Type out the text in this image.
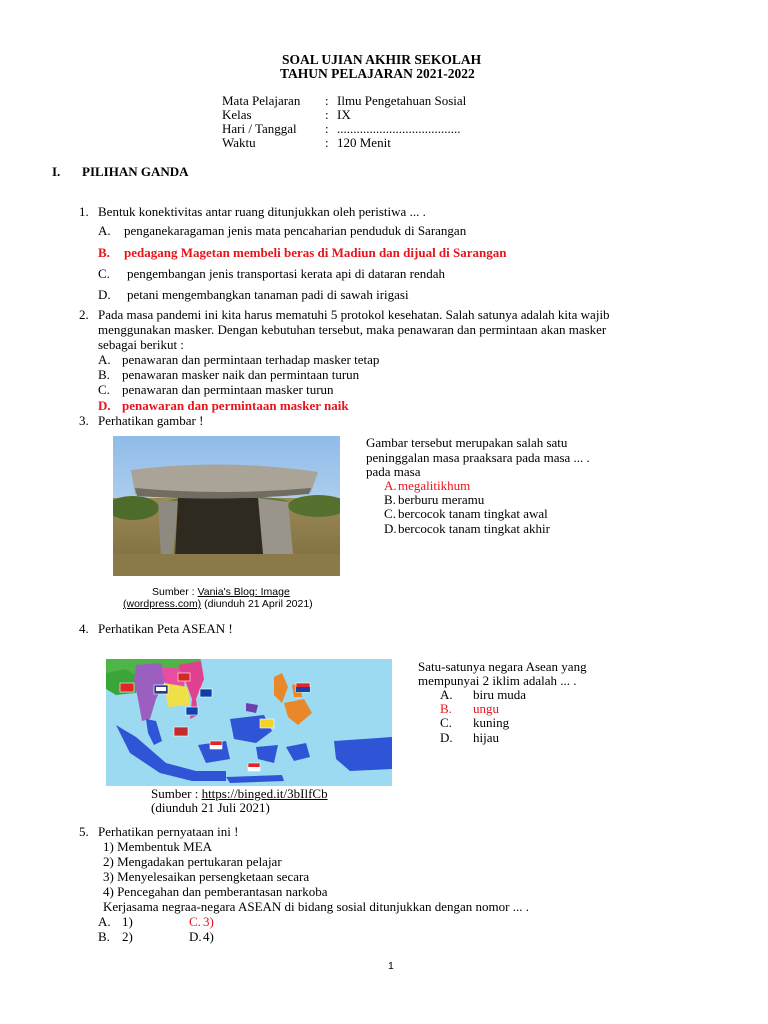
SOAL UJIAN AKHIR SEKOLAH
TAHUN PELAJARAN 2021-2022
Mata Pelajaran : Ilmu Pengetahuan Sosial
Kelas	: IX
Hari / Tanggal : ......................................
Waktu	: 120 Menit
I. PILIHAN GANDA
1. Bentuk konektivitas antar ruang ditunjukkan oleh peristiwa ... .
A. penganekaragaman jenis mata pencaharian penduduk di Sarangan
B. pedagang Magetan membeli beras di Madiun dan dijual di Sarangan
C. pengembangan jenis transportasi kerata api di dataran rendah
D. petani mengembangkan tanaman padi di sawah irigasi
2. Pada masa pandemi ini kita harus mematuhi 5 protokol kesehatan. Salah satunya adalah kita wajib
menggunakan masker. Dengan kebutuhan tersebut, maka penawaran dan permintaan akan masker
sebagai berikut :
A. penawaran dan permintaan terhadap masker tetap
B. penawaran masker naik dan permintaan turun
C. penawaran dan permintaan masker turun
D. penawaran dan permintaan masker naik
3. Perhatikan gambar !
Gambar tersebut merupakan salah satu
peninggalan masa praaksara pada masa ... .
pada masa
A. megalitikhum
B. berburu meramu
C. bercocok tanam tingkat awal
D. bercocok tanam tingkat akhir
Sumber : Vania's Blog: Image
(wordpress.com) (diunduh 21 April 2021)
4. Perhatikan Peta ASEAN !
Satu-satunya negara Asean yang
mempunyai 2 iklim adalah ... .
A. biru muda
B. ungu
C. kuning
D. hijau
Sumber : https://binged.it/3bIlfCb
(diunduh 21 Juli 2021)
5. Perhatikan pernyataan ini !
1) Membentuk MEA
2) Mengadakan pertukaran pelajar
3) Menyelesaikan persengketaan secara
4) Pencegahan dan pemberantasan narkoba
Kerjasama negraa-negara ASEAN di bidang sosial ditunjukkan dengan nomor ... .
A. 1)	C. 3)
B. 2)	D. 4)
1
